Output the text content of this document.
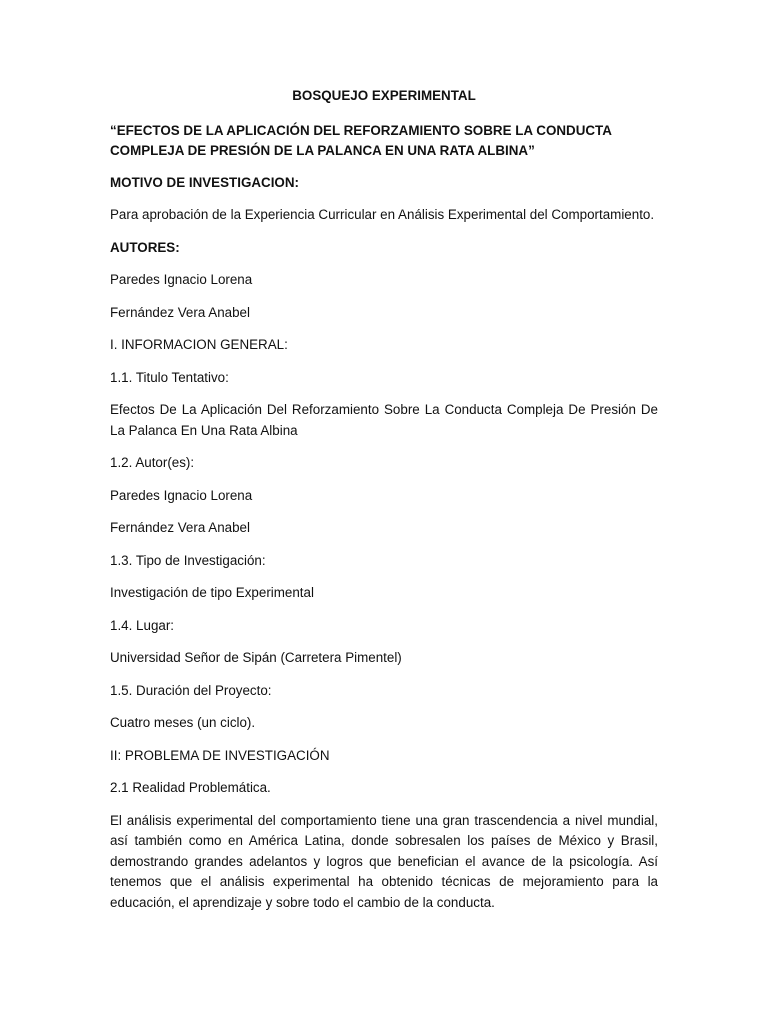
BOSQUEJO EXPERIMENTAL
“EFECTOS DE LA APLICACIÓN DEL REFORZAMIENTO SOBRE LA CONDUCTA COMPLEJA DE PRESIÓN DE LA PALANCA EN UNA RATA ALBINA”
MOTIVO DE INVESTIGACION:
Para aprobación de la Experiencia Curricular en Análisis Experimental del Comportamiento.
AUTORES:
Paredes Ignacio Lorena
Fernández Vera Anabel
I. INFORMACION GENERAL:
1.1. Titulo Tentativo:
Efectos De La Aplicación Del Reforzamiento Sobre La Conducta Compleja De Presión De La Palanca En Una Rata Albina
1.2. Autor(es):
Paredes Ignacio Lorena
Fernández Vera Anabel
1.3. Tipo de Investigación:
Investigación de tipo Experimental
1.4. Lugar:
Universidad Señor de Sipán (Carretera Pimentel)
1.5. Duración del Proyecto:
Cuatro meses (un ciclo).
II: PROBLEMA DE INVESTIGACIÓN
2.1 Realidad Problemática.
El análisis experimental del comportamiento tiene una gran trascendencia a nivel mundial, así también como en América Latina, donde sobresalen los países de México y Brasil, demostrando grandes adelantos y logros que benefician el avance de la psicología. Así tenemos que el análisis experimental ha obtenido técnicas de mejoramiento para la educación, el aprendizaje y sobre todo el cambio de la conducta.
